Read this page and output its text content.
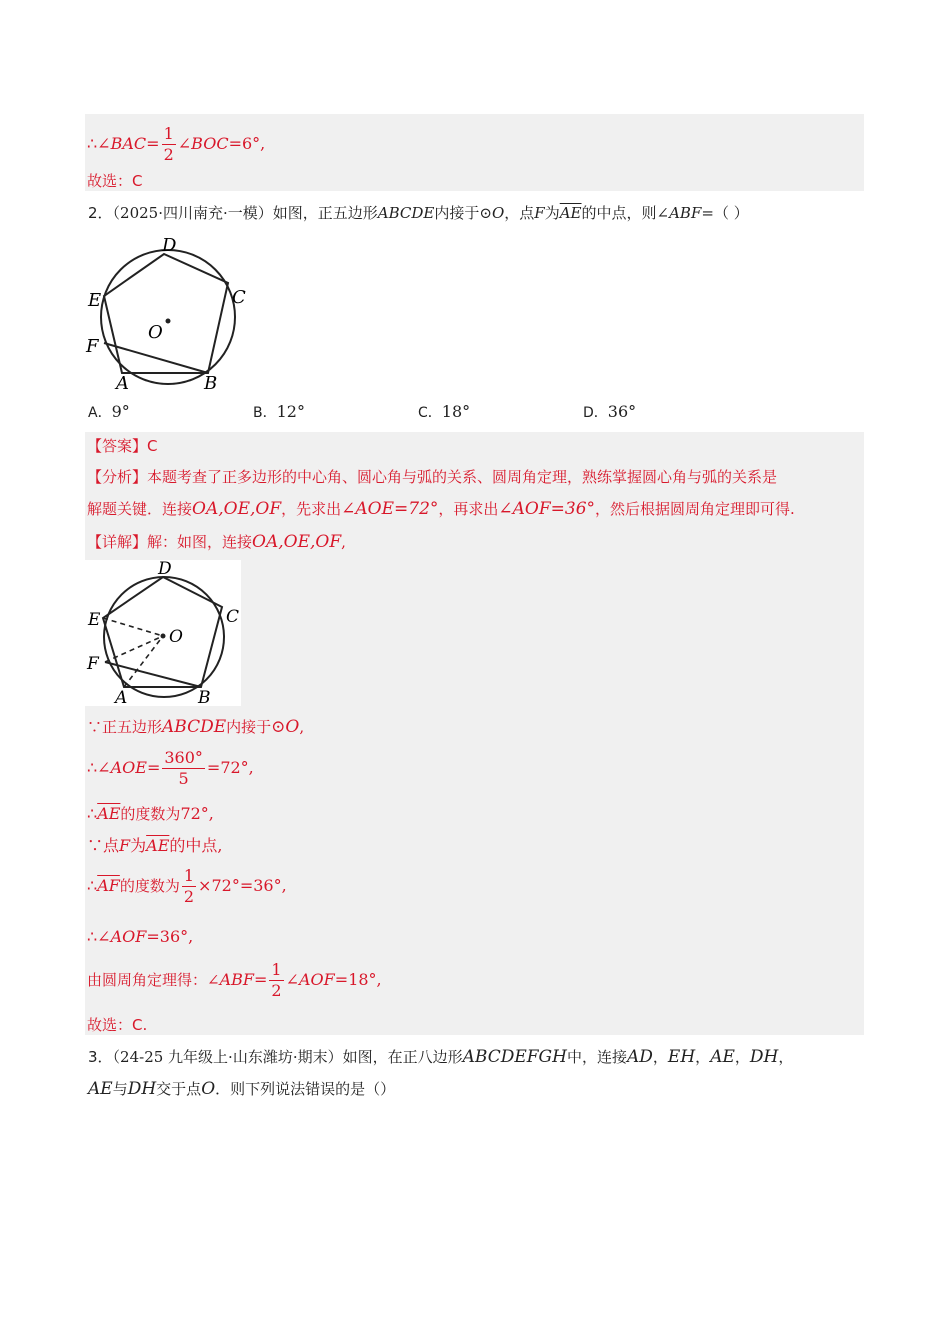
∴∠BAC= $\frac{1}{2}$ ∠BOC=6°,
故选：C
2．（2025·四川南充·一模）如图，正五边形ABCDE内接于⊙O，点F为$\overline{AE}$的中点，则∠ABF=（ ）
D
C
E
O
F
A	B
A．9°	B．12°	C．18°	D．36°
【答案】C
【分析】本题考查了正多边形的中心角、圆心角与弧的关系、圆周角定理，熟练掌握圆心角与弧的关系是
解题关键．连接OA,OE,OF，先求出∠AOE=72°，再求出∠AOF=36°，然后根据圆周角定理即可得.
【详解】解：如图，连接OA,OE,OF,
D
C
E
O
F
A	B
∵正五边形ABCDE内接于⊙O,
∴∠AOE= $\frac{360^\circ}{5} =72^\circ$,
$\therefore\overline{AE}$的度数为72°,
∵点F为$\overline{AE}$的中点,
$\therefore\overline{AF}$的度数为 $\frac{1}{2} \times 72^\circ=36^\circ$,
∴∠AOF=36°,
由圆周角定理得：∠ABF= $\frac{1}{2}$ ∠AOF=18°,
故选：C.
3．（24-25 九年级上·山东潍坊·期末）如图，在正八边形ABCDEFGH中，连接AD，EH，AE，DH，
AE与DH交于点O．则下列说法错误的是（）
